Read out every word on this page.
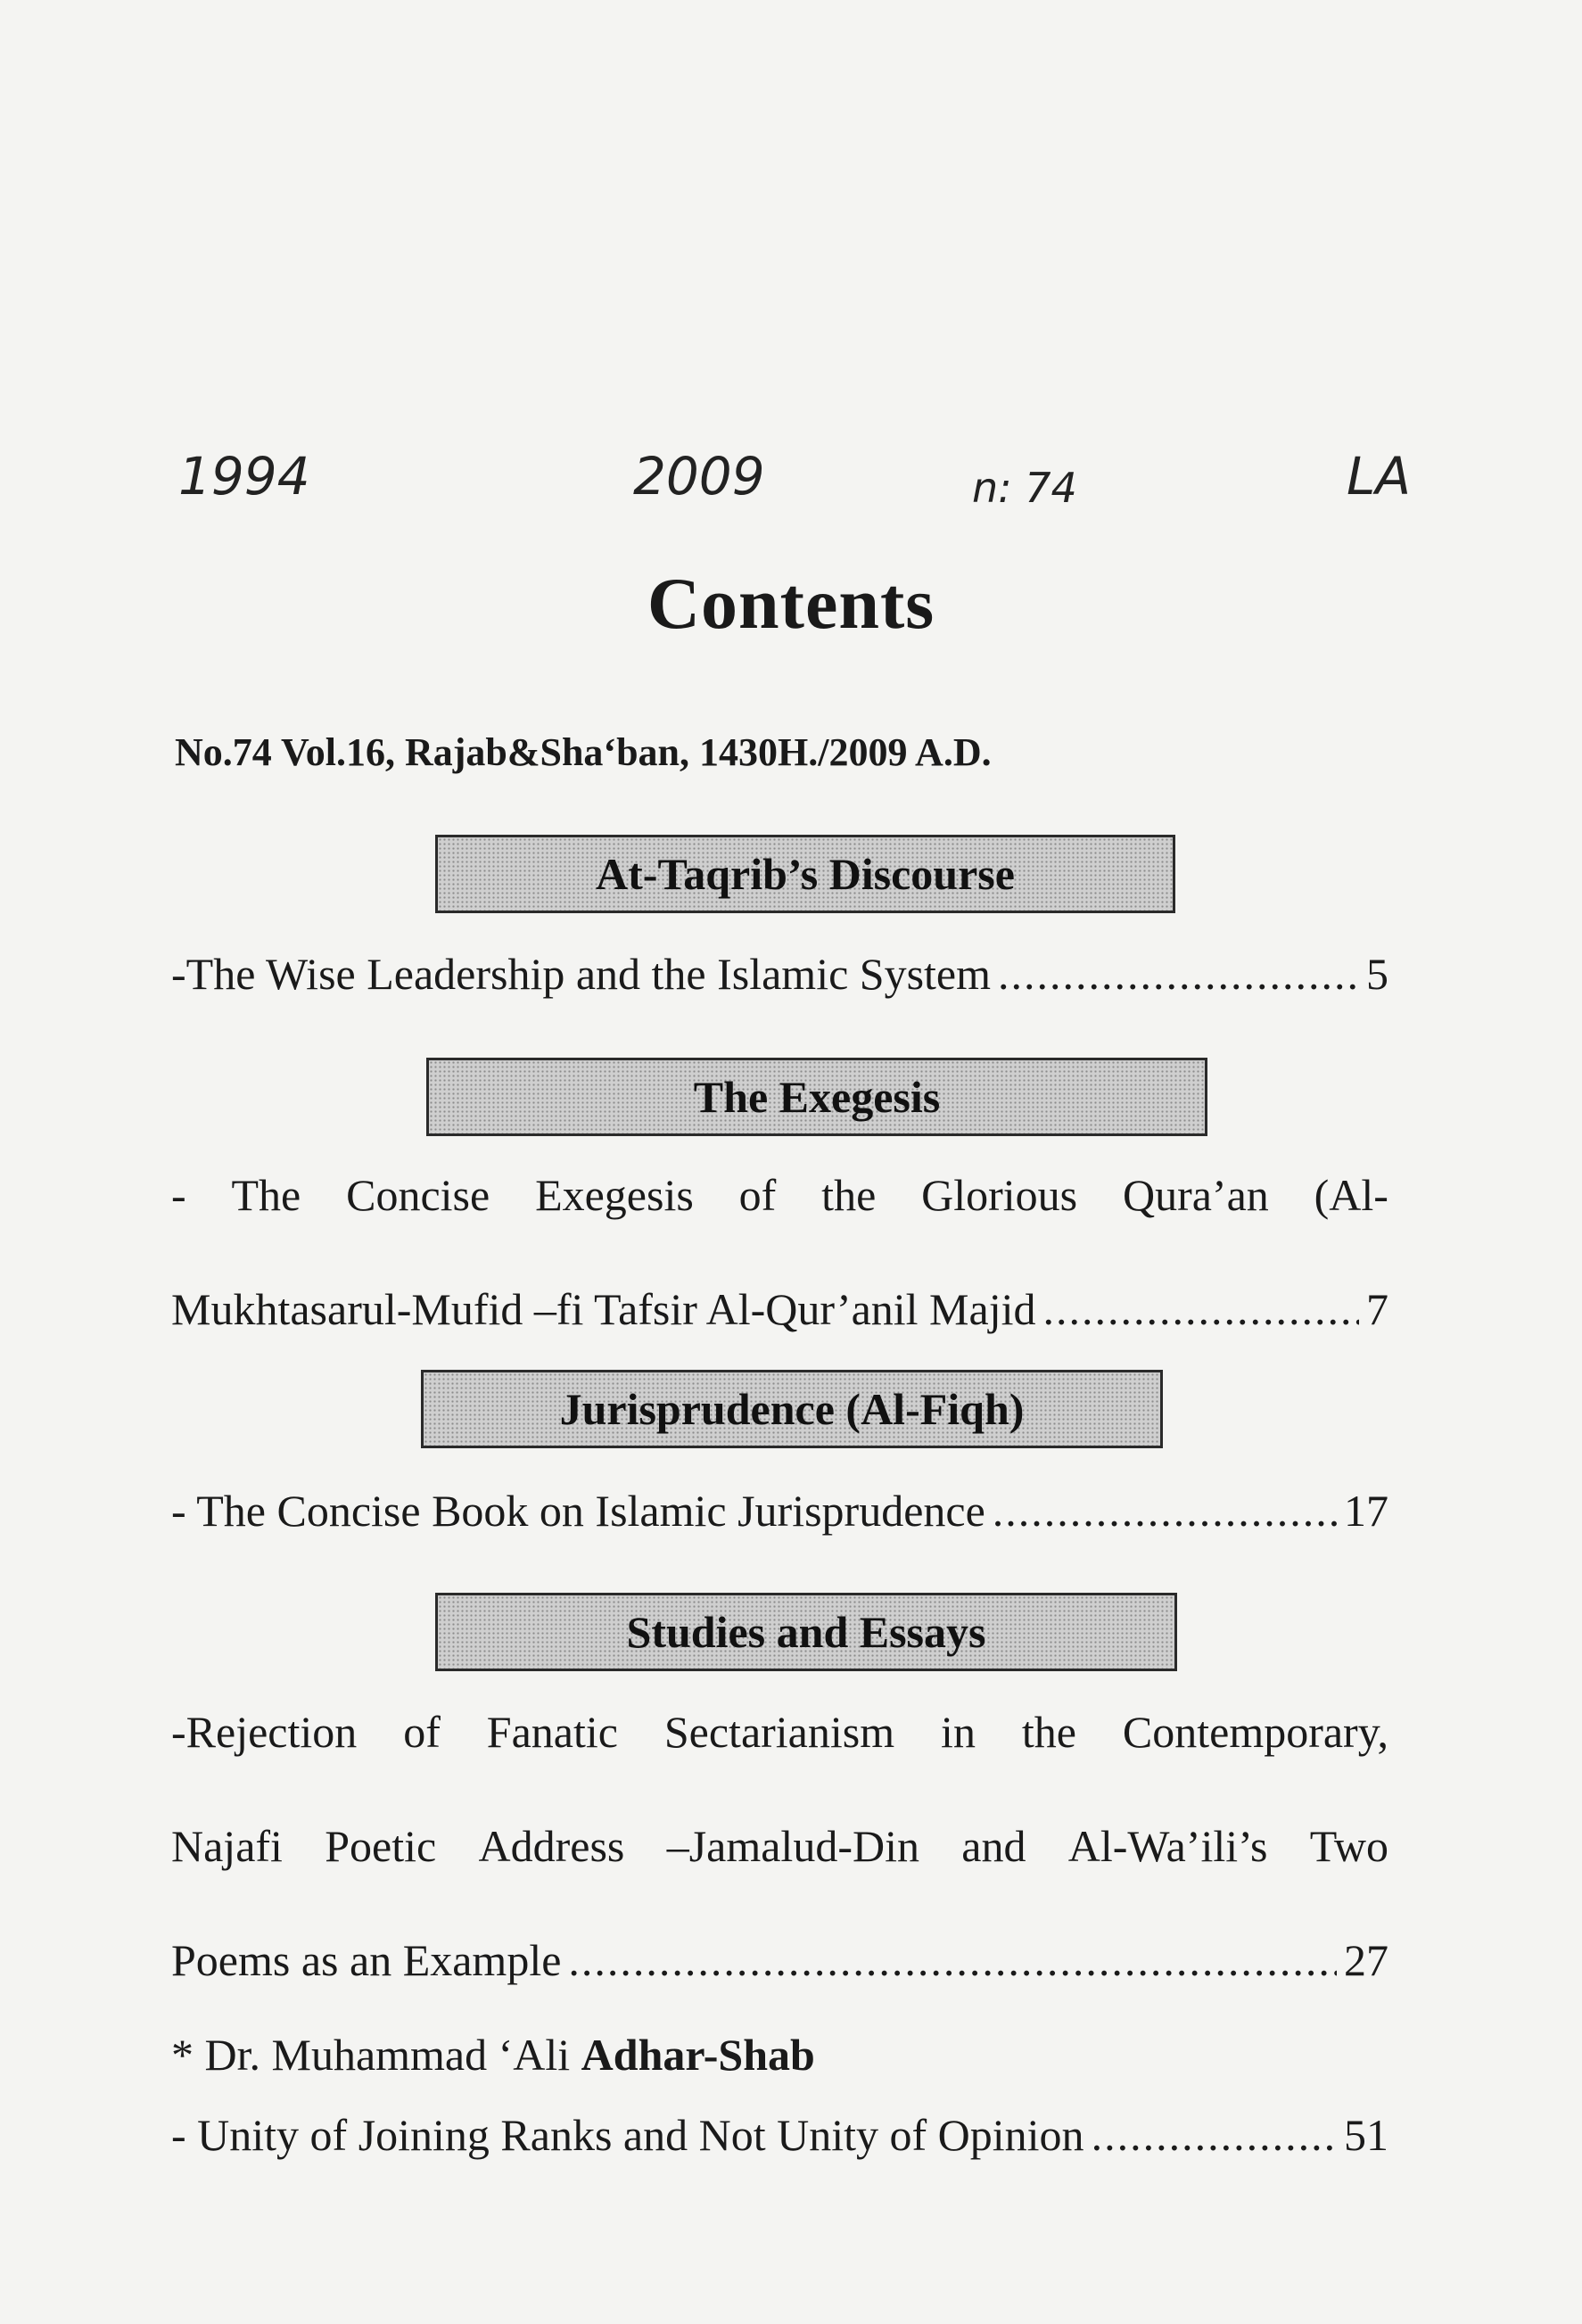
1994	2009	n: 74	LA
Contents
No.74 Vol.16, Rajab&Sha‘ban, 1430H./2009 A.D.
At-Taqrib’s Discourse
-The Wise Leadership and the Islamic System .....	5
The Exegesis
- The Concise Exegesis of the Glorious Qura’an (Al-
Mukhtasarul-Mufid –fi Tafsir Al-Qur’anil Majid .....	7
Jurisprudence (Al-Fiqh)
- The Concise Book on Islamic Jurisprudence .....	17
Studies and Essays
-Rejection of Fanatic Sectarianism in the Contemporary,
Najafi Poetic Address –Jamalud-Din and Al-Wa’ili’s Two
Poems as an Example .....	27
* Dr. Muhammad ‘Ali Adhar-Shab
- Unity of Joining Ranks and Not Unity of Opinion .....	51
